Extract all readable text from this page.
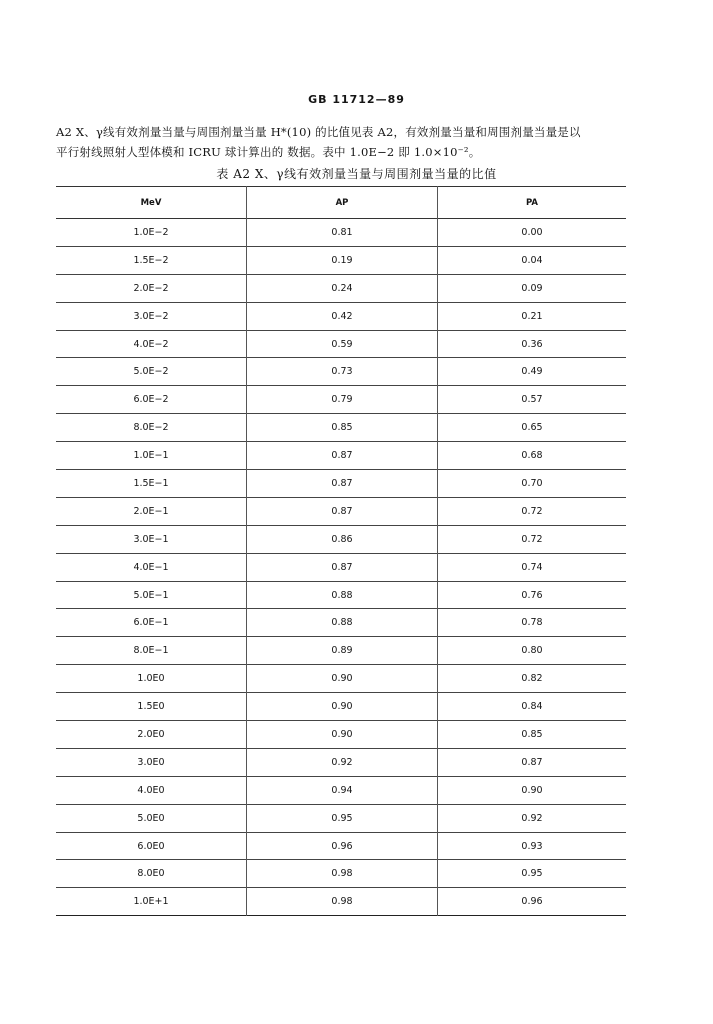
GB 11712—89

A2 X、γ线有效剂量当量与周围剂量当量 H*(10) 的比值见表 A2，有效剂量当量和周围剂量当量是以

平行射线照射人型体模和 ICRU 球计算出的 数据。表中 1.0E−2 即 1.0×10⁻²。

表 A2 X、γ线有效剂量当量与周围剂量当量的比值
MeV	AP	PA
1.0E−2	0.81	0.00
1.5E−2	0.19	0.04
2.0E−2	0.24	0.09
3.0E−2	0.42	0.21
4.0E−2	0.59	0.36
5.0E−2	0.73	0.49
6.0E−2	0.79	0.57
8.0E−2	0.85	0.65
1.0E−1	0.87	0.68
1.5E−1	0.87	0.70
2.0E−1	0.87	0.72
3.0E−1	0.86	0.72
4.0E−1	0.87	0.74
5.0E−1	0.88	0.76
6.0E−1	0.88	0.78
8.0E−1	0.89	0.80
1.0E0	0.90	0.82
1.5E0	0.90	0.84
2.0E0	0.90	0.85
3.0E0	0.92	0.87
4.0E0	0.94	0.90
5.0E0	0.95	0.92
6.0E0	0.96	0.93
8.0E0	0.98	0.95
1.0E+1	0.98	0.96
